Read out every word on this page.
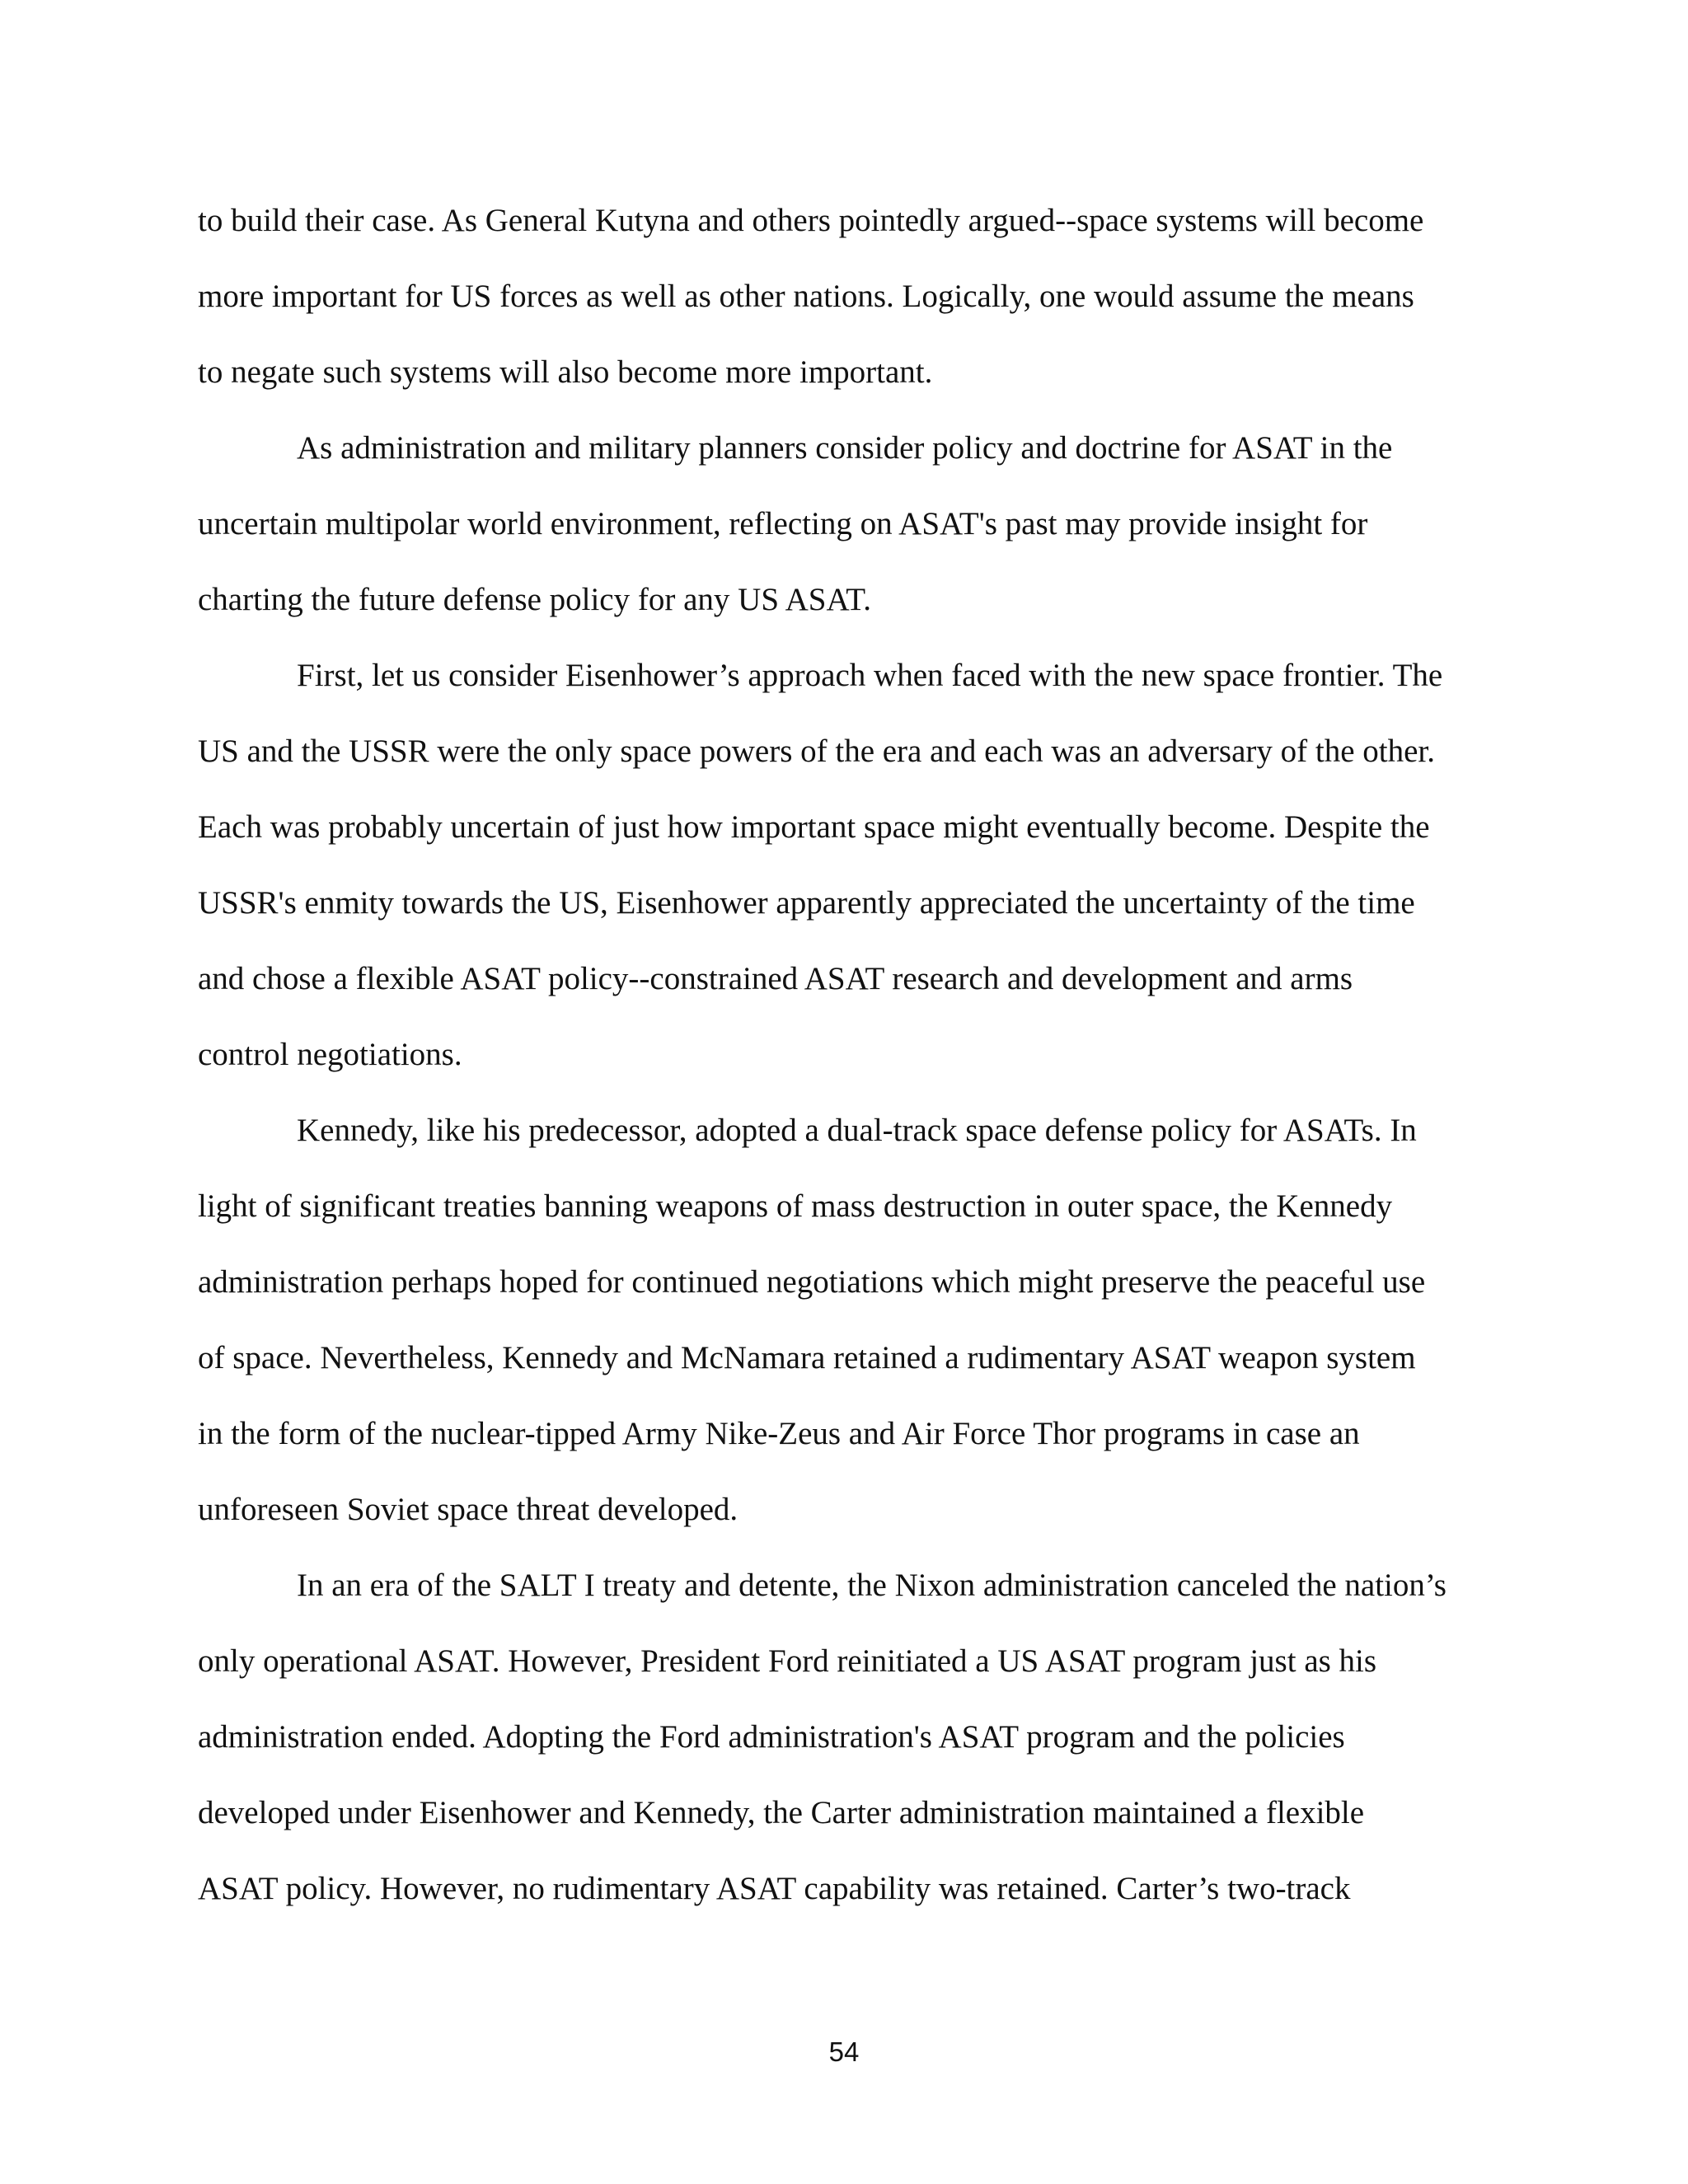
to build their case. As General Kutyna and others pointedly argued--space systems will become
more important for US forces as well as other nations. Logically, one would assume the means
to negate such systems will also become more important.
As administration and military planners consider policy and doctrine for ASAT in the
uncertain multipolar world environment, reflecting on ASAT's past may provide insight for
charting the future defense policy for any US ASAT.
First, let us consider Eisenhower’s approach when faced with the new space frontier. The
US and the USSR were the only space powers of the era and each was an adversary of the other.
Each was probably uncertain of just how important space might eventually become. Despite the
USSR's enmity towards the US, Eisenhower apparently appreciated the uncertainty of the time
and chose a flexible ASAT policy--constrained ASAT research and development and arms
control negotiations.
Kennedy, like his predecessor, adopted a dual-track space defense policy for ASATs. In
light of significant treaties banning weapons of mass destruction in outer space, the Kennedy
administration perhaps hoped for continued negotiations which might preserve the peaceful use
of space. Nevertheless, Kennedy and McNamara retained a rudimentary ASAT weapon system
in the form of the nuclear-tipped Army Nike-Zeus and Air Force Thor programs in case an
unforeseen Soviet space threat developed.
In an era of the SALT I treaty and detente, the Nixon administration canceled the nation’s
only operational ASAT. However, President Ford reinitiated a US ASAT program just as his
administration ended. Adopting the Ford administration's ASAT program and the policies
developed under Eisenhower and Kennedy, the Carter administration maintained a flexible
ASAT policy. However, no rudimentary ASAT capability was retained. Carter’s two-track
54
